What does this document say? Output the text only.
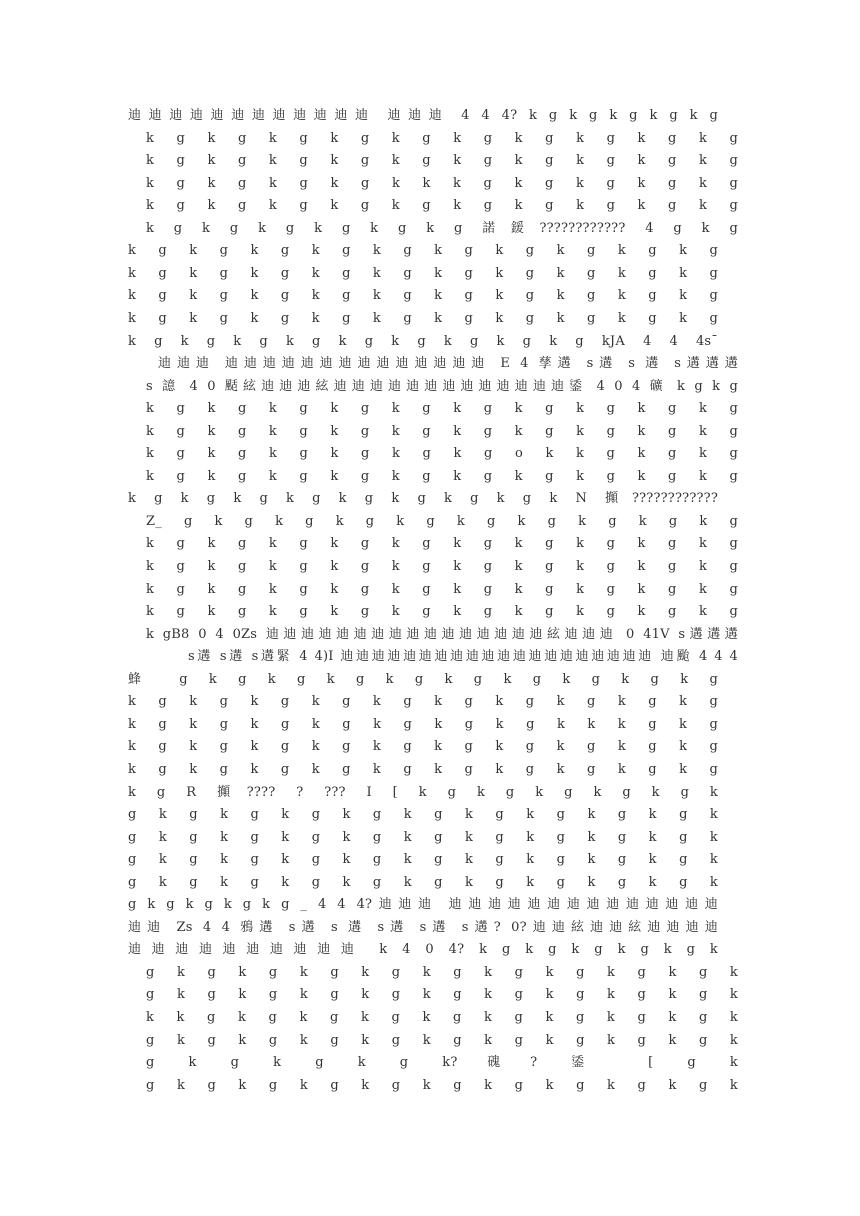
迪迪迪迪迪迪迪迪迪迪迪迪 迪迪迪 4 4 4? k g k g k g k g k g

k g k g k g k g k g k g k g k g k g k g

k g k g k g k g k g k g k g k g k g k g

k g k g k g k g k k k g k g k g k g k g

k g k g k g k g k g k g k g k g k g k g

k g k g k g k g k g k g 諾鍰???????????? 4 g k g

k g k g k g k g k g k g k g k g k g k g

k g k g k g k g k g k g k g k g k g k g

k g k g k g k g k g k g k g k g k g k g

k g k g k g k g k g k g k g k g k g k g

k g k g k g k g k g k g k g k g k g kJA 4 4 4s¯

迪迪迪 迪迪迪迪迪迪迪迪迪迪迪迪迪迪 E 4 孳遘 s遘 s 遘 s遘遘遘

s 譩 4 0 颳絃迪迪迪絃迪迪迪迪迪迪迪迪迪迪迪迪迪鋈 4 0 4 礦 k g k g

k g k g k g k g k g k g k g k g k g k g

k g k g k g k g k g k g k g k g k g k g

k g k g k g k g k g k g o k k g k g k g

k g k g k g k g k g k g k g k g k g k g

k g k g k g k g k g k g k g k g k N 攧????????????

Z_ g k g k g k g k g k g k g k g k g k g

k g k g k g k g k g k g k g k g k g k g

k g k g k g k g k g k g k g k g k g k g

k g k g k g k g k g k g k g k g k g k g

k g k g k g k g k g k g k g k g k g k g

k gB8 0 4 0Zs 迪迪迪迪迪迪迪迪迪迪迪迪迪迪迪迪絃迪迪迪 0 41V s遘遘遘

s遘 s遘 s遘緊 4 4)I 迪迪迪迪迪迪迪迪迪迪迪迪迪迪迪迪迪迪迪迪 迪颱 4 4 4

蜂 g k g k g k g k g k g k g k g k g k g

k g k g k g k g k g k g k g k g k g k g

k g k g k g k g k g k g k g k k k g k g

k g k g k g k g k g k g k g k g k g k g

k g k g k g k g k g k g k g k g k g k g

k g R 攧???? ? ??? I [ k g k g k g k g k g k

g k g k g k g k g k g k g k g k g k g k

g k g k g k g k g k g k g k g k g k g k

g k g k g k g k g k g k g k g k g k g k

g k g k g k g k g k g k g k g k g k g k

g k g k g k g k g _ 4 4 4?迪迪迪 迪迪迪迪迪迪迪迪迪迪迪迪迪迪

迪迪 Zs 4 4 鴉遘 s遘 s 遘 s遘 s遘 s遘? 0?迪迪絃迪迪絃迪迪迪迪

迪迪迪迪迪迪迪迪迪迪 k 4 0 4? k g k g k g k g k g k

g k g k g k g k g k g k g k g k g k g k

g k g k g k g k g k g k g k g k g k g k

k k g k g k g k g k g k g k g k g k g k

g k g k g k g k g k g k g k g k g k g k

g k g k g k g k?磈? 鋈 [ g k

g k g k g k g k g k g k g k g k g k g k
